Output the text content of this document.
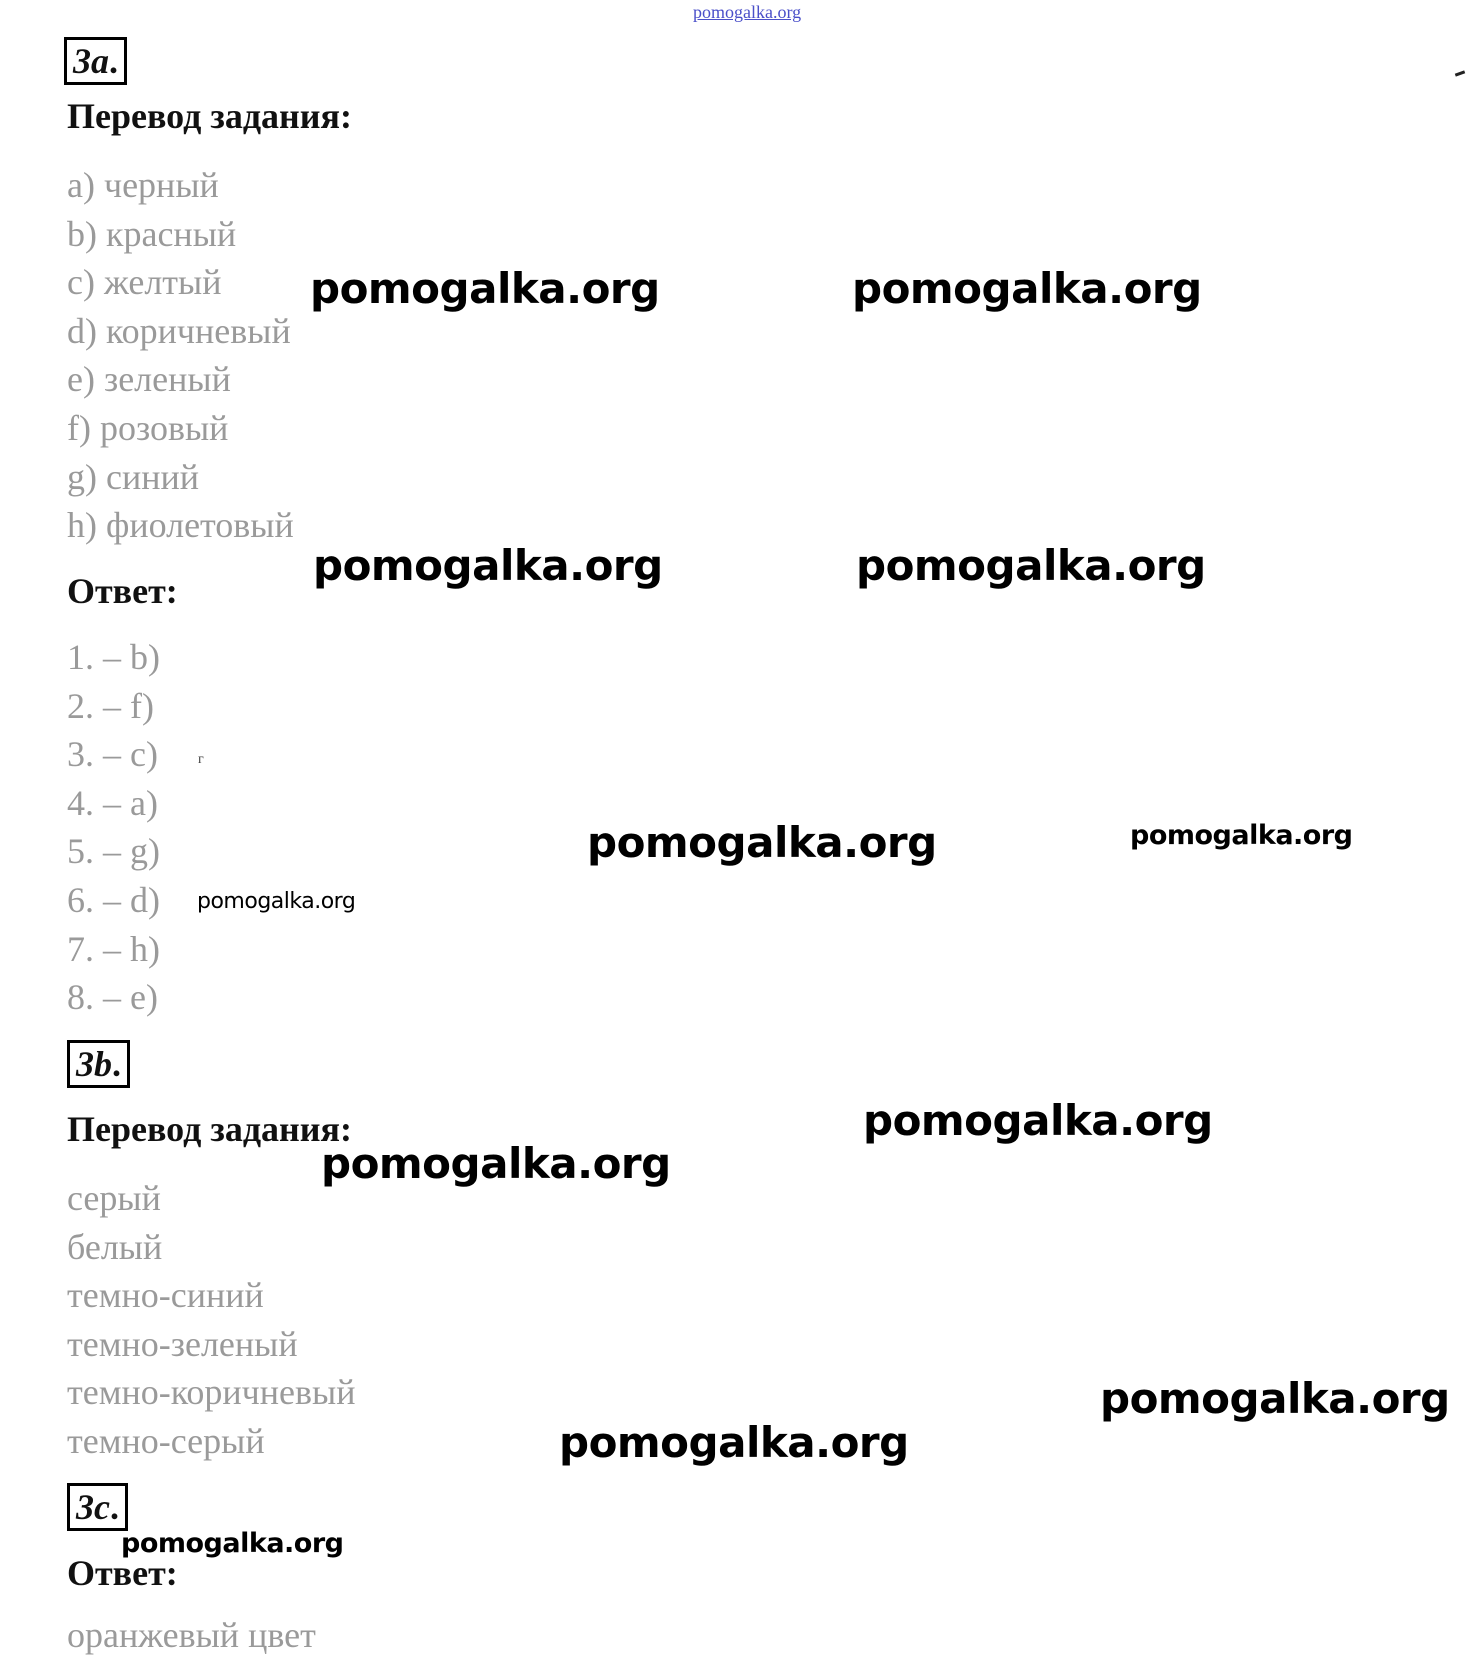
pomogalka.org
3a.
Перевод задания:
a) черный
b) красный
c) желтый
d) коричневый
e) зеленый
f) розовый
g) синий
h) фиолетовый
Ответ:
1. – b)
2. – f)
3. – c)
4. – a)
5. – g)
6. – d)
7. – h)
8. – e)
г
3b.
Перевод задания:
серый
белый
темно-синий
темно-зеленый
темно-коричневый
темно-серый
3c.
Ответ:
оранжевый цвет
pomogalka.org	pomogalka.org
pomogalka.org	pomogalka.org
pomogalka.org	pomogalka.org
pomogalka.org
pomogalka.org
pomogalka.org
pomogalka.org
pomogalka.org
pomogalka.org
